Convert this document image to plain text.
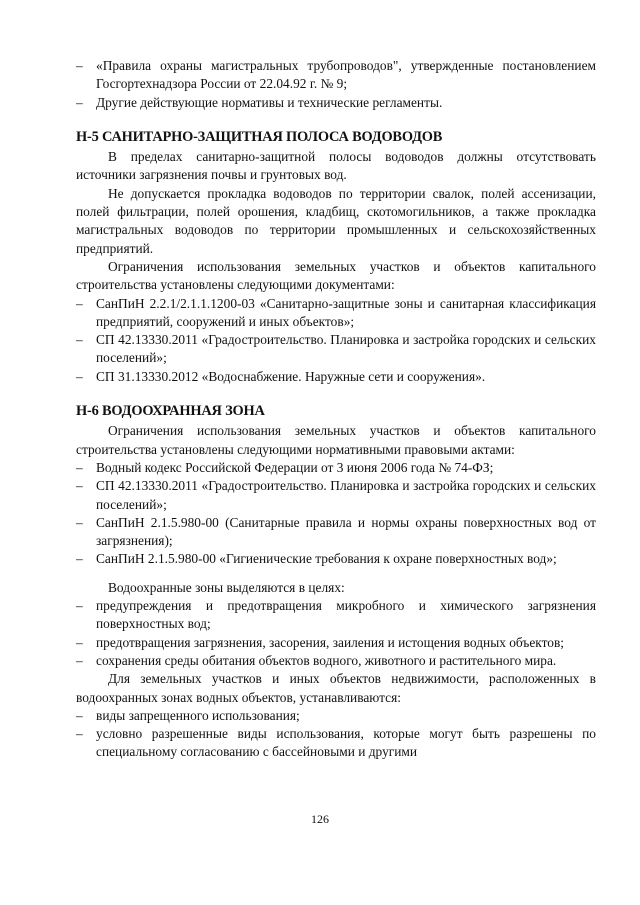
– «Правила охраны магистральных трубопроводов", утвержденные постановлением Госгортехнадзора России от 22.04.92 г. № 9;
– Другие действующие нормативы и технические регламенты.
Н-5 САНИТАРНО-ЗАЩИТНАЯ ПОЛОСА ВОДОВОДОВ
В пределах санитарно-защитной полосы водоводов должны отсутствовать источники загрязнения почвы и грунтовых вод.
Не допускается прокладка водоводов по территории свалок, полей ассенизации, полей фильтрации, полей орошения, кладбищ, скотомогильников, а также прокладка магистральных водоводов по территории промышленных и сельскохозяйственных предприятий.
Ограничения использования земельных участков и объектов капитального строительства установлены следующими документами:
– СанПиН 2.2.1/2.1.1.1200-03 «Санитарно-защитные зоны и санитарная классификация предприятий, сооружений и иных объектов»;
– СП 42.13330.2011 «Градостроительство. Планировка и застройка городских и сельских поселений»;
– СП 31.13330.2012 «Водоснабжение. Наружные сети и сооружения».
Н-6 ВОДООХРАННАЯ ЗОНА
Ограничения использования земельных участков и объектов капитального строительства установлены следующими нормативными правовыми актами:
– Водный кодекс Российской Федерации от 3 июня 2006 года № 74-ФЗ;
– СП 42.13330.2011 «Градостроительство. Планировка и застройка городских и сельских поселений»;
– СанПиН 2.1.5.980-00 (Санитарные правила и нормы охраны поверхностных вод от загрязнения);
– СанПиН 2.1.5.980-00 «Гигиенические требования к охране поверхностных вод»;
Водоохранные зоны выделяются в целях:
– предупреждения и предотвращения микробного и химического загрязнения поверхностных вод;
– предотвращения загрязнения, засорения, заиления и истощения водных объектов;
– сохранения среды обитания объектов водного, животного и растительного мира.
Для земельных участков и иных объектов недвижимости, расположенных в водоохранных зонах водных объектов, устанавливаются:
– виды запрещенного использования;
– условно разрешенные виды использования, которые могут быть разрешены по специальному согласованию с бассейновыми и другими
126
